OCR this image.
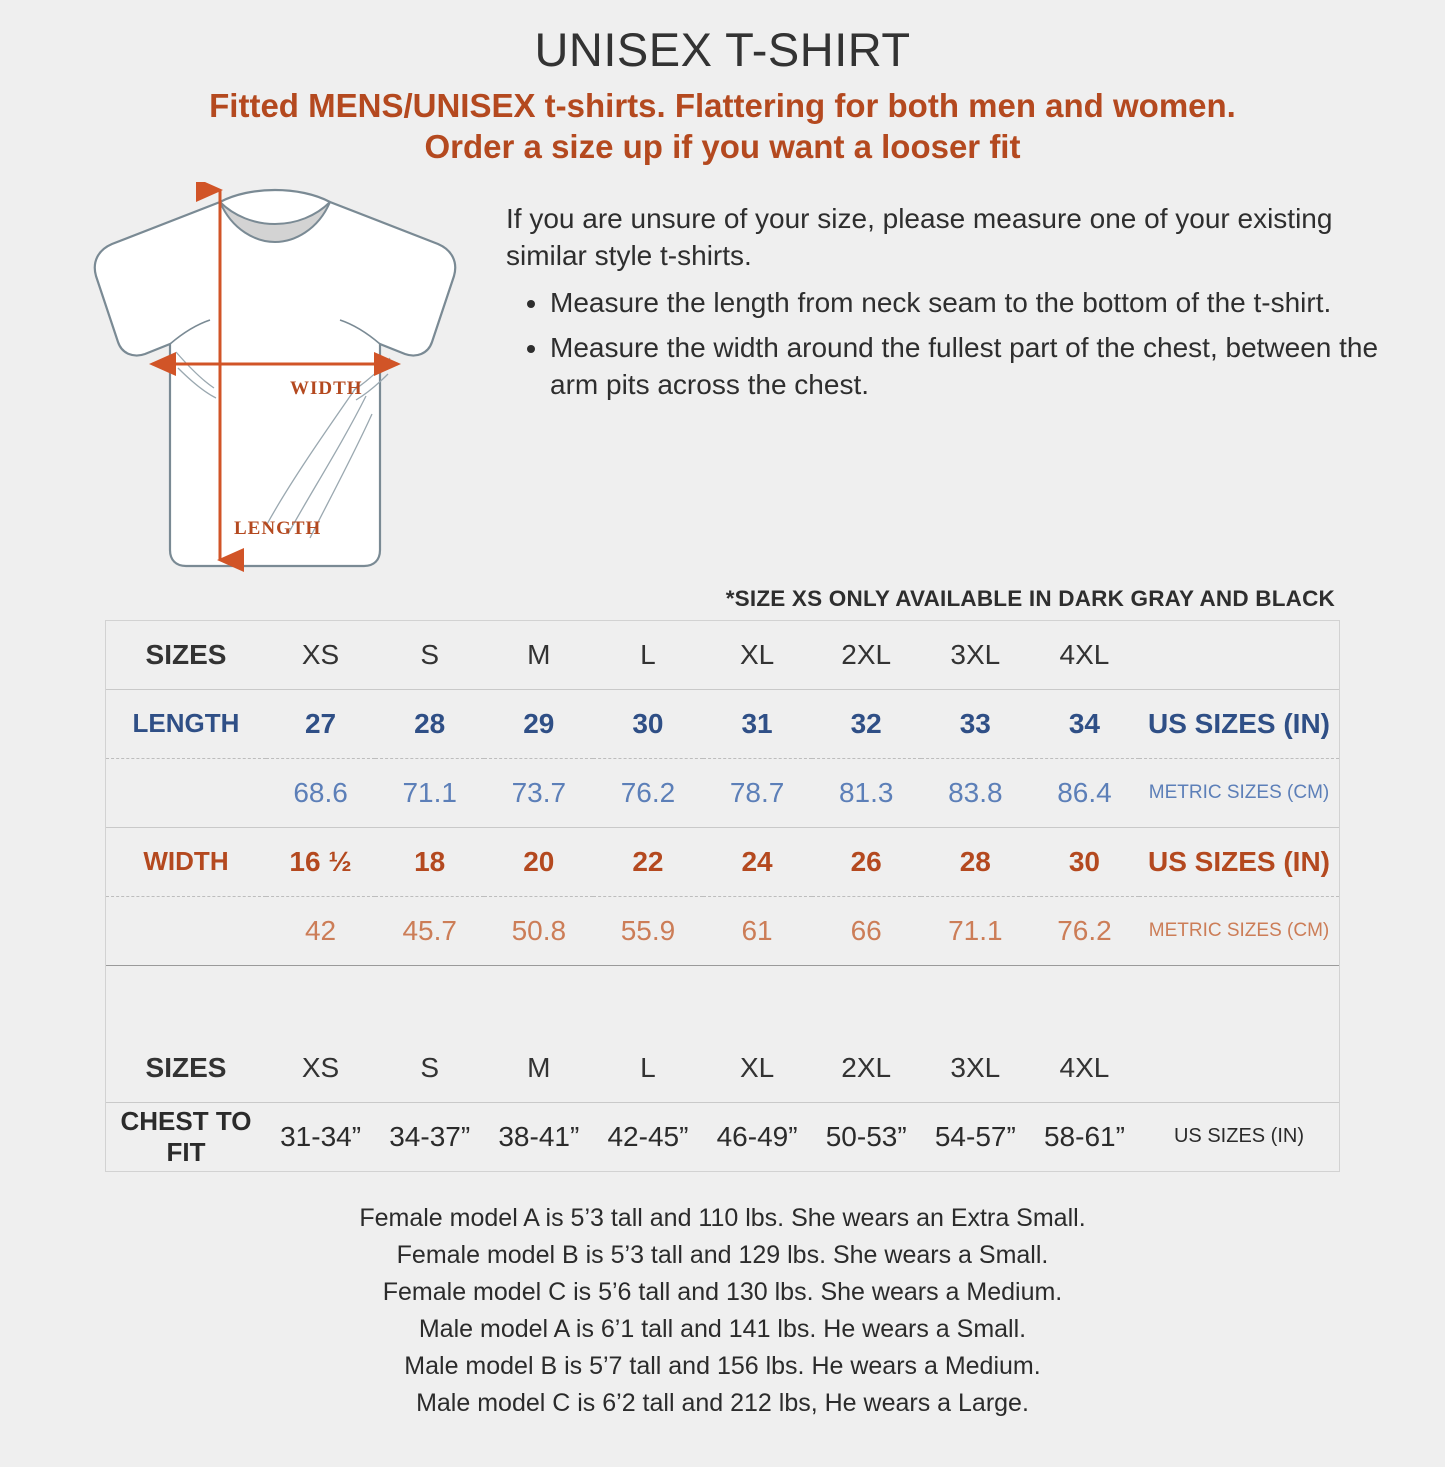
UNISEX T-SHIRT
Fitted MENS/UNISEX t-shirts. Flattering for both men and women.
Order a size up if you want a looser fit
WIDTH
LENGTH

If you are unsure of your size, please measure one of your existing similar style t-shirts.

• Measure the length from neck seam to the bottom of the t-shirt.
• Measure the width around the fullest part of the chest, between the arm pits across the chest.
*SIZE XS ONLY AVAILABLE IN DARK GRAY AND BLACK
SIZES	XS	S	M	L	XL	2XL	3XL	4XL	
LENGTH	27	28	29	30	31	32	33	34	US SIZES (IN)
	68.6	71.1	73.7	76.2	78.7	81.3	83.8	86.4	METRIC SIZES (CM)
WIDTH	16 ½	18	20	22	24	26	28	30	US SIZES (IN)
	42	45.7	50.8	55.9	61	66	71.1	76.2	METRIC SIZES (CM)

SIZES	XS	S	M	L	XL	2XL	3XL	4XL	
CHEST TO FIT	31-34”	34-37”	38-41”	42-45”	46-49”	50-53”	54-57”	58-61”	US SIZES (IN)
Female model A is 5’3 tall and 110 lbs. She wears an Extra Small.
Female model B is 5’3 tall and 129 lbs. She wears a Small.
Female model C is 5’6 tall and 130 lbs. She wears a Medium.
Male model A is 6’1 tall and 141 lbs. He wears a Small.
Male model B is 5’7 tall and 156 lbs. He wears a Medium.
Male model C is 6’2 tall and 212 lbs, He wears a Large.
